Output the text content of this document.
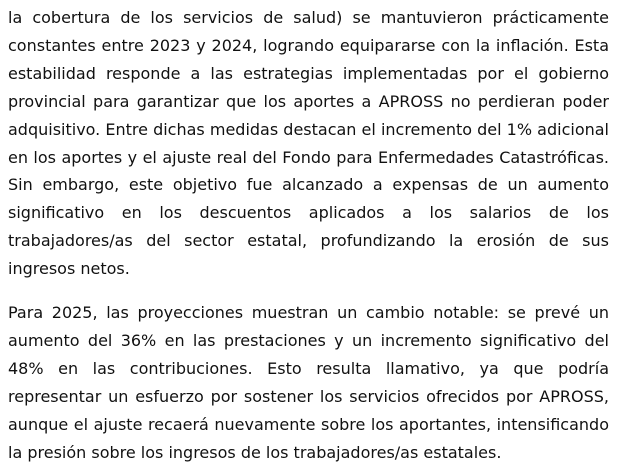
la cobertura de los servicios de salud) se mantuvieron prácticamente constantes entre 2023 y 2024, logrando equipararse con la inflación. Esta estabilidad responde a las estrategias implementadas por el gobierno provincial para garantizar que los aportes a APROSS no perdieran poder adquisitivo. Entre dichas medidas destacan el incremento del 1% adicional en los aportes y el ajuste real del Fondo para Enfermedades Catastróficas. Sin embargo, este objetivo fue alcanzado a expensas de un aumento significativo en los descuentos aplicados a los salarios de los trabajadores/as del sector estatal, profundizando la erosión de sus ingresos netos.

Para 2025, las proyecciones muestran un cambio notable: se prevé un aumento del 36% en las prestaciones y un incremento significativo del 48% en las contribuciones. Esto resulta llamativo, ya que podría representar un esfuerzo por sostener los servicios ofrecidos por APROSS, aunque el ajuste recaerá nuevamente sobre los aportantes, intensificando la presión sobre los ingresos de los trabajadores/as estatales.
